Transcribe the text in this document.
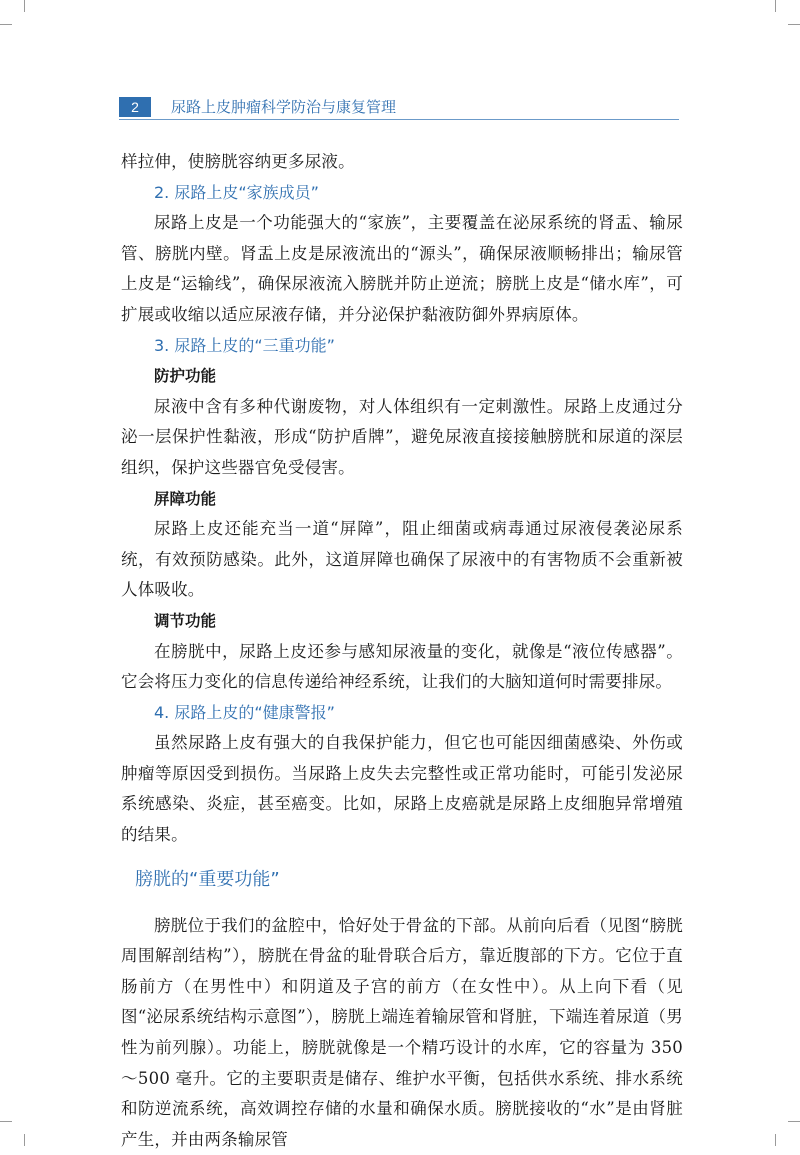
2	尿路上皮肿瘤科学防治与康复管理

样拉伸，使膀胱容纳更多尿液。

2. 尿路上皮“家族成员”

尿路上皮是一个功能强大的“家族”，主要覆盖在泌尿系统的肾盂、输尿管、膀胱内壁。肾盂上皮是尿液流出的“源头”，确保尿液顺畅排出；输尿管上皮是“运输线”，确保尿液流入膀胱并防止逆流；膀胱上皮是“储水库”，可扩展或收缩以适应尿液存储，并分泌保护黏液防御外界病原体。

3. 尿路上皮的“三重功能”

防护功能

尿液中含有多种代谢废物，对人体组织有一定刺激性。尿路上皮通过分泌一层保护性黏液，形成“防护盾牌”，避免尿液直接接触膀胱和尿道的深层组织，保护这些器官免受侵害。

屏障功能

尿路上皮还能充当一道“屏障”，阻止细菌或病毒通过尿液侵袭泌尿系统，有效预防感染。此外，这道屏障也确保了尿液中的有害物质不会重新被人体吸收。

调节功能

在膀胱中，尿路上皮还参与感知尿液量的变化，就像是“液位传感器”。它会将压力变化的信息传递给神经系统，让我们的大脑知道何时需要排尿。

4. 尿路上皮的“健康警报”

虽然尿路上皮有强大的自我保护能力，但它也可能因细菌感染、外伤或肿瘤等原因受到损伤。当尿路上皮失去完整性或正常功能时，可能引发泌尿系统感染、炎症，甚至癌变。比如，尿路上皮癌就是尿路上皮细胞异常增殖的结果。

膀胱的“重要功能”

膀胱位于我们的盆腔中，恰好处于骨盆的下部。从前向后看（见图“膀胱周围解剖结构”），膀胱在骨盆的耻骨联合后方，靠近腹部的下方。它位于直肠前方（在男性中）和阴道及子宫的前方（在女性中）。从上向下看（见图“泌尿系统结构示意图”），膀胱上端连着输尿管和肾脏，下端连着尿道（男性为前列腺）。功能上，膀胱就像是一个精巧设计的水库，它的容量为 350～500 毫升。它的主要职责是储存、维护水平衡，包括供水系统、排水系统和防逆流系统，高效调控存储的水量和确保水质。膀胱接收的“水”是由肾脏产生，并由两条输尿管
